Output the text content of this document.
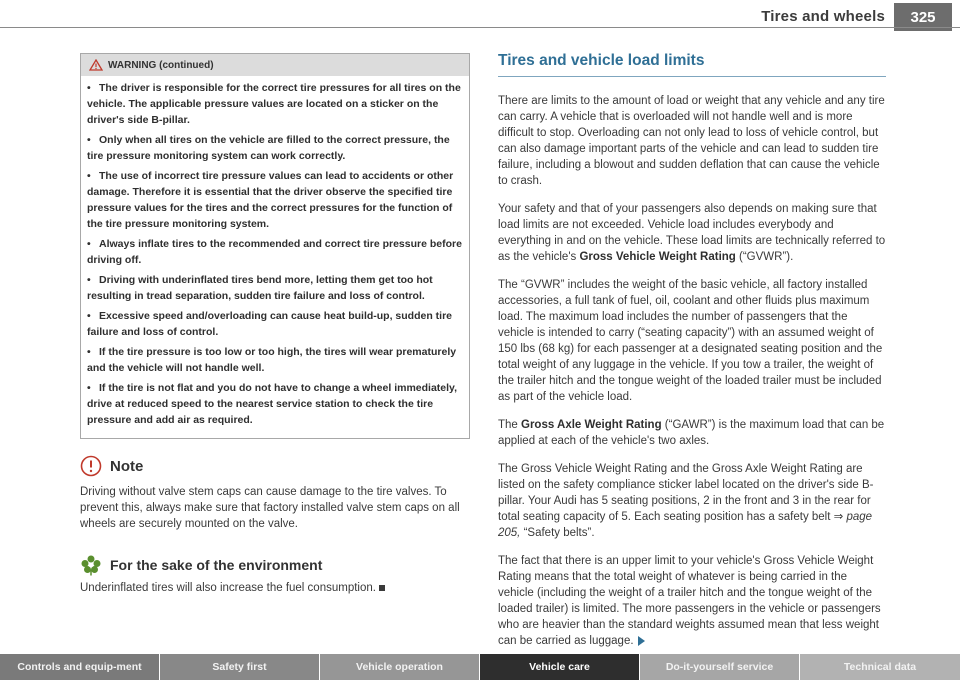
Tires and wheels	325
WARNING (continued)

• The driver is responsible for the correct tire pressures for all tires on the vehicle. The applicable pressure values are located on a sticker on the driver's side B-pillar.

• Only when all tires on the vehicle are filled to the correct pressure, the tire pressure monitoring system can work correctly.

• The use of incorrect tire pressure values can lead to accidents or other damage. Therefore it is essential that the driver observe the specified tire pressure values for the tires and the correct pressures for the function of the tire pressure monitoring system.

• Always inflate tires to the recommended and correct tire pressure before driving off.

• Driving with underinflated tires bend more, letting them get too hot resulting in tread separation, sudden tire failure and loss of control.

• Excessive speed and/overloading can cause heat build-up, sudden tire failure and loss of control.

• If the tire pressure is too low or too high, the tires will wear prematurely and the vehicle will not handle well.

• If the tire is not flat and you do not have to change a wheel immediately, drive at reduced speed to the nearest service station to check the tire pressure and add air as required.

Note
Driving without valve stem caps can cause damage to the tire valves. To prevent this, always make sure that factory installed valve stem caps on all wheels are securely mounted on the valve.
For the sake of the environment
Underinflated tires will also increase the fuel consumption.
Tires and vehicle load limits

There are limits to the amount of load or weight that any vehicle and any tire can carry. A vehicle that is overloaded will not handle well and is more difficult to stop. Overloading can not only lead to loss of vehicle control, but can also damage important parts of the vehicle and can lead to sudden tire failure, including a blowout and sudden deflation that can cause the vehicle to crash.

Your safety and that of your passengers also depends on making sure that load limits are not exceeded. Vehicle load includes everybody and everything in and on the vehicle. These load limits are technically referred to as the vehicle's Gross Vehicle Weight Rating (“GVWR”).

The “GVWR” includes the weight of the basic vehicle, all factory installed accessories, a full tank of fuel, oil, coolant and other fluids plus maximum load. The maximum load includes the number of passengers that the vehicle is intended to carry (“seating capacity”) with an assumed weight of 150 lbs (68 kg) for each passenger at a designated seating position and the total weight of any luggage in the vehicle. If you tow a trailer, the weight of the trailer hitch and the tongue weight of the loaded trailer must be included as part of the vehicle load.

The Gross Axle Weight Rating (“GAWR”) is the maximum load that can be applied at each of the vehicle's two axles.

The Gross Vehicle Weight Rating and the Gross Axle Weight Rating are listed on the safety compliance sticker label located on the driver's side B-pillar. Your Audi has 5 seating positions, 2 in the front and 3 in the rear for total seating capacity of 5. Each seating position has a safety belt ⇒ page 205, “Safety belts”.

The fact that there is an upper limit to your vehicle's Gross Vehicle Weight Rating means that the total weight of whatever is being carried in the vehicle (including the weight of a trailer hitch and the tongue weight of the loaded trailer) is limited. The more passengers in the vehicle or passengers who are heavier than the standard weights assumed mean that less weight can be carried as luggage.

Controls and equip-ment	Safety first	Vehicle operation	Vehicle care	Do-it-yourself service	Technical data
